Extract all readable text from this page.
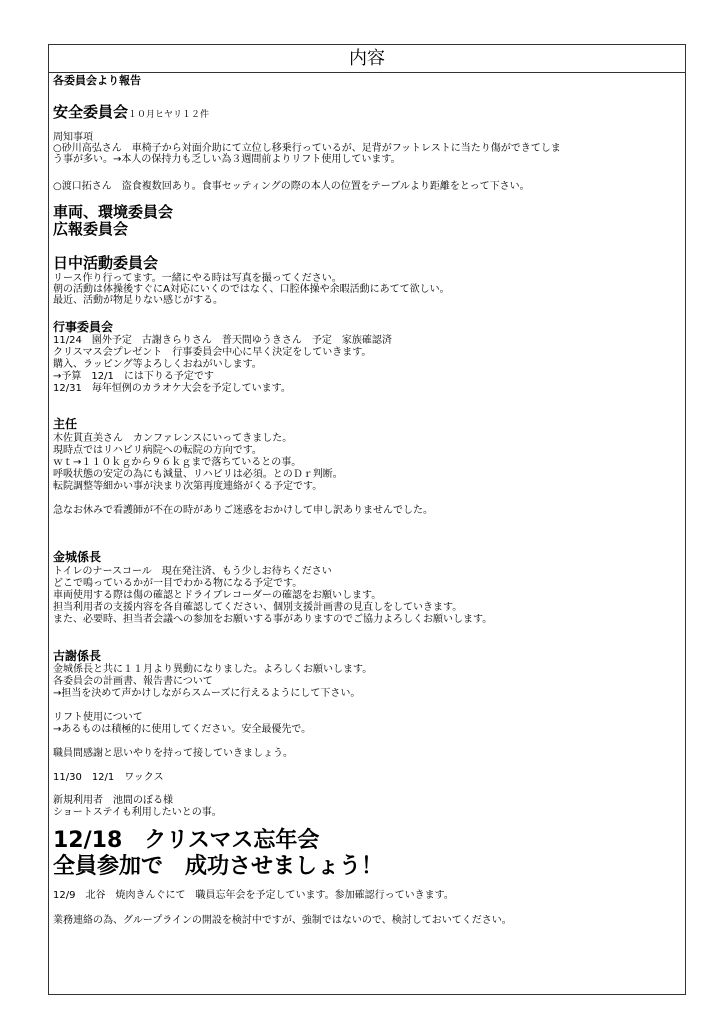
内容
各委員会より報告
安全委員会１０月ヒヤリ１２件
周知事項
○砂川高弘さん　車椅子から対面介助にて立位し移乗行っているが、足背がフットレストに当たり傷ができてしま
う事が多い。→本人の保持力も乏しい為３週間前よりリフト使用しています。
○渡口拓さん　盗食複数回あり。食事セッティングの際の本人の位置をテーブルより距離をとって下さい。
車両、環境委員会
広報委員会
日中活動委員会
リース作り行ってます。一緒にやる時は写真を撮ってください。
朝の活動は体操後すぐにA対応にいくのではなく、口腔体操や余暇活動にあてて欲しい。
最近、活動が物足りない感じがする。
行事委員会
11/24　園外予定　古謝きらりさん　普天間ゆうきさん　予定　家族確認済
クリスマス会プレゼント　行事委員会中心に早く決定をしていきます。
購入、ラッピング等よろしくおねがいします。
→予算　12/1　には下りる予定です
12/31　毎年恒例のカラオケ大会を予定しています。
主任
木佐貫直美さん　カンファレンスにいってきました。
現時点ではリハビリ病院への転院の方向です。
ｗｔ→１１０ｋｇから９６ｋｇまで落ちているとの事。
呼吸状態の安定の為にも減量、リハビリは必須。とのＤｒ判断。
転院調整等細かい事が決まり次第再度連絡がくる予定です。
急なお休みで看護師が不在の時がありご迷惑をおかけして申し訳ありませんでした。
金城係長
トイレのナースコール　現在発注済、もう少しお待ちください
どこで鳴っているかが一目でわかる物になる予定です。
車両使用する際は傷の確認とドライブレコーダーの確認をお願いします。
担当利用者の支援内容を各自確認してください、個別支援計画書の見直しをしていきます。
また、必要時、担当者会議への参加をお願いする事がありますのでご協力よろしくお願いします。
古謝係長
金城係長と共に１１月より異動になりました。よろしくお願いします。
各委員会の計画書、報告書について
→担当を決めて声かけしながらスムーズに行えるようにして下さい。
リフト使用について
→あるものは積極的に使用してください。安全最優先で。
職員間感謝と思いやりを持って接していきましょう。
11/30　12/1　ワックス
新規利用者　池間のぼる様
ショートステイも利用したいとの事。
12/18　クリスマス忘年会
全員参加で　成功させましょう！
12/9　北谷　焼肉きんぐにて　職員忘年会を予定しています。参加確認行っていきます。
業務連絡の為、グループラインの開設を検討中ですが、強制ではないので、検討しておいてください。
